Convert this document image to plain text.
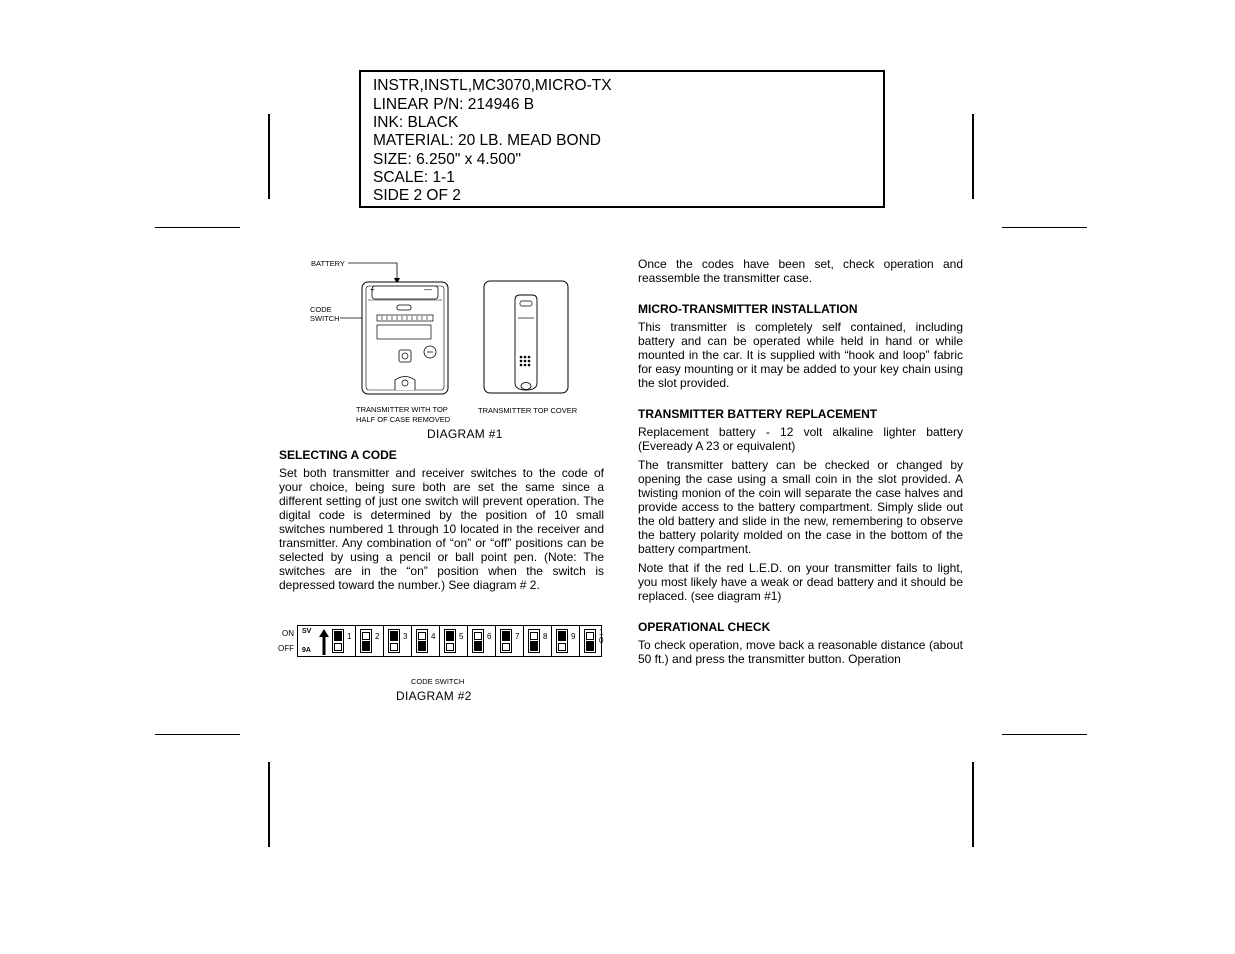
INSTR,INSTL,MC3070,MICRO-TX
LINEAR P/N: 214946 B
INK: BLACK
MATERIAL: 20 LB. MEAD BOND
SIZE: 6.250" x 4.500"
SCALE: 1-1
SIDE 2 OF 2
BATTERY
CODE
SWITCH
+	—
TRANSMITTER WITH TOP
HALF OF CASE REMOVED
TRANSMITTER TOP COVER
DIAGRAM #1
SELECTING A CODE

Set both transmitter and receiver switches to the code of your choice, being sure both are set the same since a different setting of just one switch will prevent operation. The digital code is determined by the position of 10 small switches numbered 1 through 10 located in the receiver and transmitter. Any combination of “on” or “off” positions can be selected by using a pencil or ball point pen. (Note: The switches are in the “on” position when the switch is depressed toward the number.) See diagram # 2.

ON
OFF
SV
9A
1	2	3	4	5	6	7	8	9	1
0
CODE SWITCH
DIAGRAM #2

Once the codes have been set, check operation and reassemble the transmitter case.

MICRO-TRANSMITTER INSTALLATION

This transmitter is completely self contained, including battery and can be operated while held in hand or while mounted in the car. It is supplied with “hook and loop” fabric for easy mounting or it may be added to your key chain using the slot provided.

TRANSMITTER BATTERY REPLACEMENT

Replacement battery - 12 volt alkaline lighter battery (Eveready A 23 or equivalent)

The transmitter battery can be checked or changed by opening the case using a small coin in the slot provided. A twisting monion of the coin will separate the case halves and provide access to the battery compartment. Simply slide out the old battery and slide in the new, remembering to observe the battery polarity molded on the case in the bottom of the battery compartment.

Note that if the red L.E.D. on your transmitter fails to light, you most likely have a weak or dead battery and it should be replaced. (see diagram #1)

OPERATIONAL CHECK

To check operation, move back a reasonable distance (about 50 ft.) and press the transmitter button. Operation
